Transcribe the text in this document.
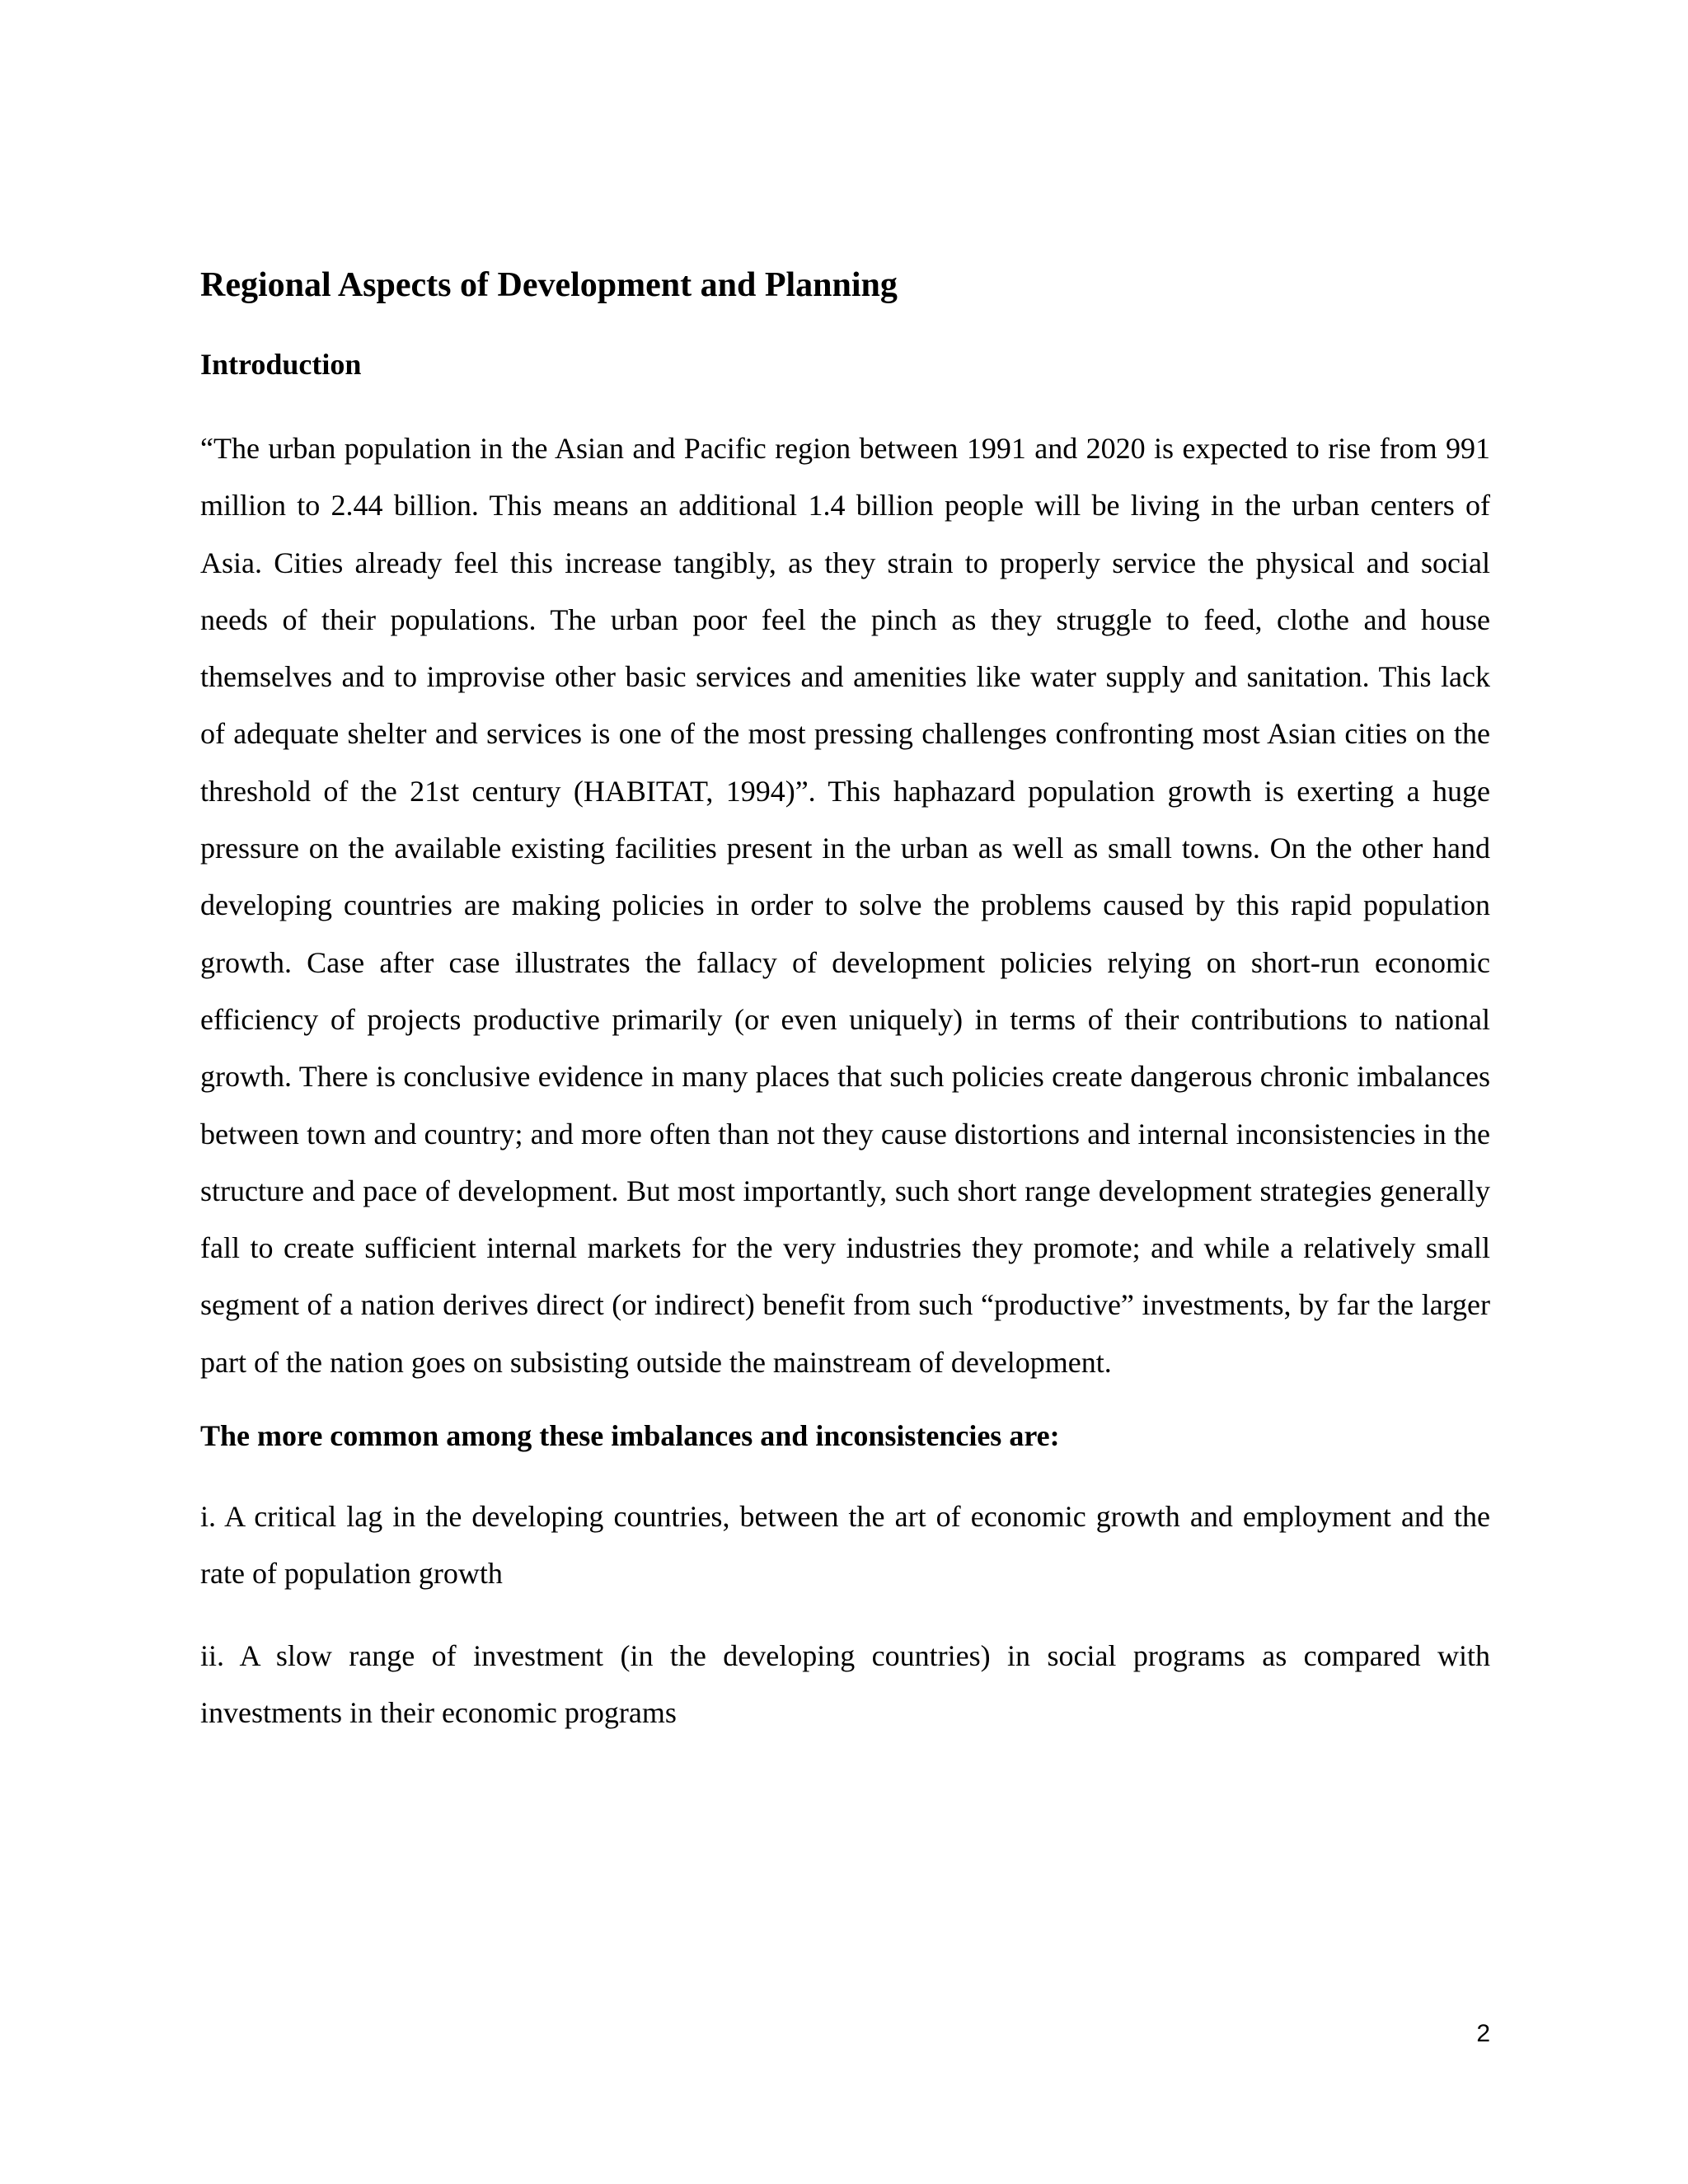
Regional Aspects of Development and Planning
Introduction

“The urban population in the Asian and Pacific region between 1991 and 2020 is expected to rise from 991 million to 2.44 billion. This means an additional 1.4 billion people will be living in the urban centers of Asia. Cities already feel this increase tangibly, as they strain to properly service the physical and social needs of their populations. The urban poor feel the pinch as they struggle to feed, clothe and house themselves and to improvise other basic services and amenities like water supply and sanitation. This lack of adequate shelter and services is one of the most pressing challenges confronting most Asian cities on the threshold of the 21st century (HABITAT, 1994)”. This haphazard population growth is exerting a huge pressure on the available existing facilities present in the urban as well as small towns. On the other hand developing countries are making policies in order to solve the problems caused by this rapid population growth. Case after case illustrates the fallacy of development policies relying on short-run economic efficiency of projects productive primarily (or even uniquely) in terms of their contributions to national growth. There is conclusive evidence in many places that such policies create dangerous chronic imbalances between town and country; and more often than not they cause distortions and internal inconsistencies in the structure and pace of development. But most importantly, such short range development strategies generally fall to create sufficient internal markets for the very industries they promote; and while a relatively small segment of a nation derives direct (or indirect) benefit from such “productive” investments, by far the larger part of the nation goes on subsisting outside the mainstream of development.

The more common among these imbalances and inconsistencies are:

i. A critical lag in the developing countries, between the art of economic growth and employment and the rate of population growth

ii. A slow range of investment (in the developing countries) in social programs as compared with investments in their economic programs

2
